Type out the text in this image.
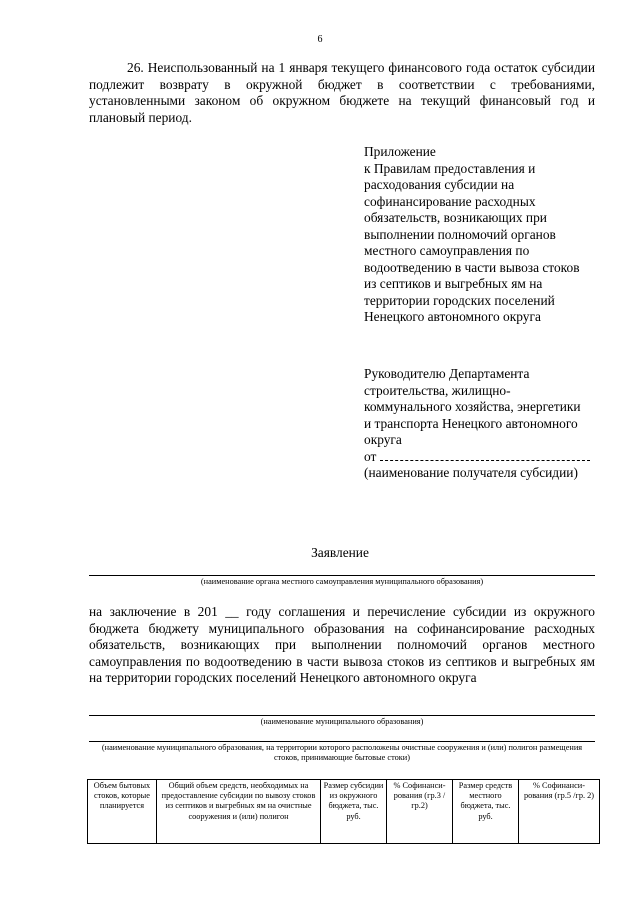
6
26. Неиспользованный на 1 января текущего финансового года остаток субсидии подлежит возврату в окружной бюджет в соответствии с требованиями, установленными законом об окружном бюджете на текущий финансовый год и плановый период.
Приложение
к Правилам предоставления и
расходования субсидии на
софинансирование расходных
обязательств, возникающих при
выполнении полномочий органов
местного самоуправления по
водоотведению в части вывоза стоков
из септиков и выгребных ям на
территории городских поселений
Ненецкого автономного округа
Руководителю Департамента
строительства, жилищно-
коммунального хозяйства, энергетики
и транспорта Ненецкого автономного
округа
от
(наименование получателя субсидии)
Заявление
(наименование органа местного самоуправления муниципального образования)
на заключение в 201 __ году соглашения и перечисление субсидии из окружного бюджета бюджету муниципального образования на софинансирование расходных обязательств, возникающих при выполнении полномочий органов местного самоуправления по водоотведению в части вывоза стоков из септиков и выгребных ям на территории городских поселений Ненецкого автономного округа
(наименование муниципального образования)
(наименование муниципального образования, на территории которого расположены очистные сооружения и (или) полигон размещения стоков, принимающие бытовые стоки)
Объем бытовых стоков, которые планируется	Общий объем средств, необходимых на предоставление субсидии по вывозу стоков из септиков и выгребных ям на очистные сооружения и (или) полигон	Размер субсидии из окружного бюджета, тыс. руб.	% Софинанси-рования (гр.3 /гр.2)	Размер средств местного бюджета, тыс. руб.	% Софинанси-рования (гр.5 /гр. 2)
